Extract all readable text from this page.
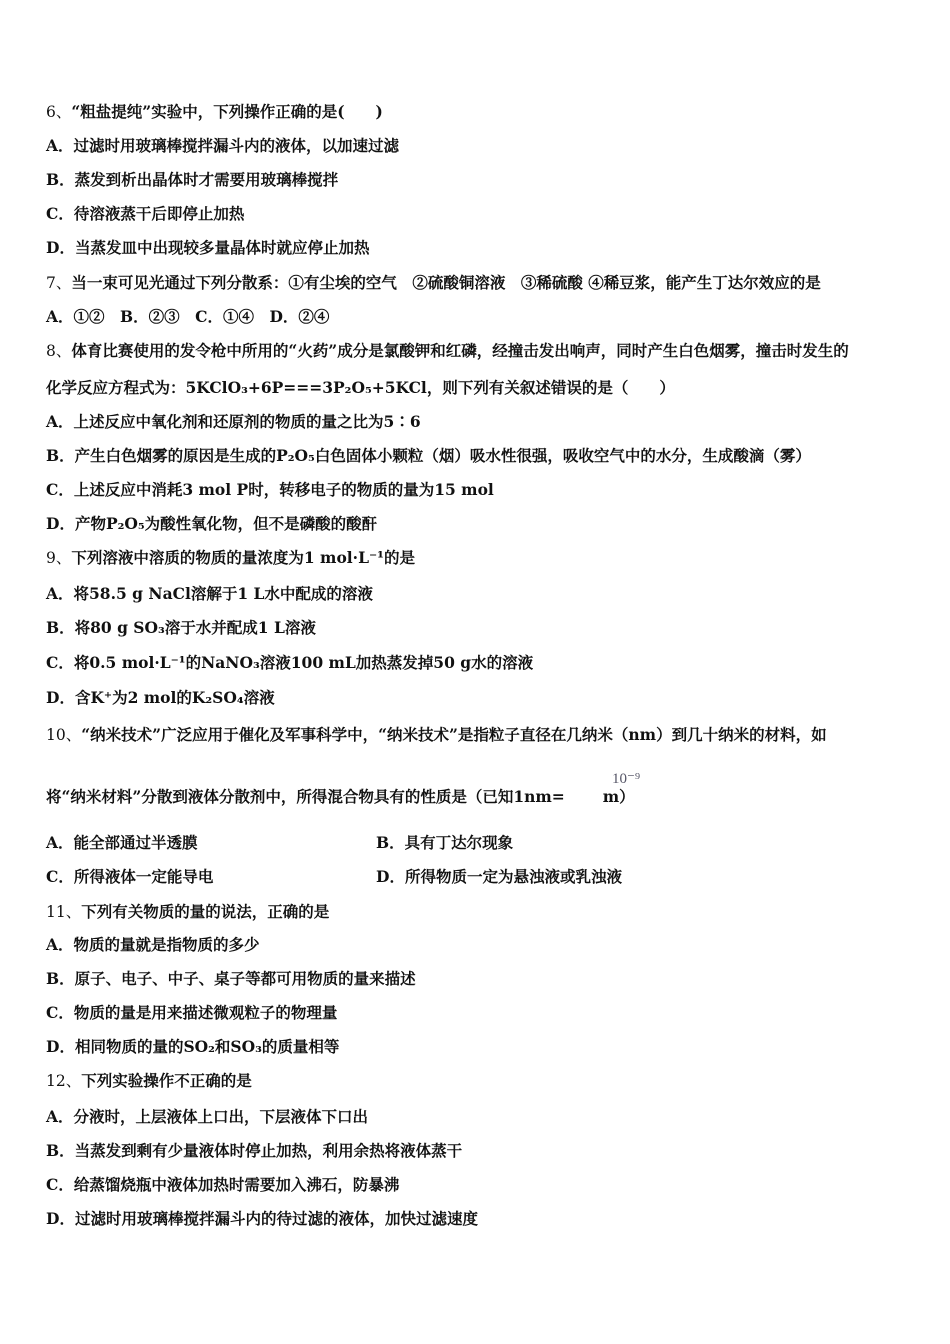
6、“粗盐提纯”实验中，下列操作正确的是(　　)
A．过滤时用玻璃棒搅拌漏斗内的液体，以加速过滤
B．蒸发到析出晶体时才需要用玻璃棒搅拌
C．待溶液蒸干后即停止加热
D．当蒸发皿中出现较多量晶体时就应停止加热
7、当一束可见光通过下列分散系：①有尘埃的空气　②硫酸铜溶液　③稀硫酸 ④稀豆浆，能产生丁达尔效应的是
A．①②　B．②③　C．①④　D．②④
8、体育比赛使用的发令枪中所用的“火药”成分是氯酸钾和红磷，经撞击发出响声，同时产生白色烟雾，撞击时发生的
化学反应方程式为：5KClO₃+6P===3P₂O₅+5KCl，则下列有关叙述错误的是（　　）
A．上述反应中氧化剂和还原剂的物质的量之比为5∶6
B．产生白色烟雾的原因是生成的P₂O₅白色固体小颗粒（烟）吸水性很强，吸收空气中的水分，生成酸滴（雾）
C．上述反应中消耗3 mol P时，转移电子的物质的量为15 mol
D．产物P₂O₅为酸性氧化物，但不是磷酸的酸酐
9、下列溶液中溶质的物质的量浓度为1 mol·L⁻¹的是
A．将58.5 g NaCl溶解于1 L水中配成的溶液
B．将80 g SO₃溶于水并配成1 L溶液
C．将0.5 mol·L⁻¹的NaNO₃溶液100 mL加热蒸发掉50 g水的溶液
D．含K⁺为2 mol的K₂SO₄溶液
10、“纳米技术”广泛应用于催化及军事科学中，“纳米技术”是指粒子直径在几纳米（nm）到几十纳米的材料，如
将“纳米材料”分散到液体分散剂中，所得混合物具有的性质是（已知1nm= m）
10⁻⁹
A．能全部通过半透膜	B．具有丁达尔现象
C．所得液体一定能导电	D．所得物质一定为悬浊液或乳浊液
11、下列有关物质的量的说法，正确的是
A．物质的量就是指物质的多少
B．原子、电子、中子、桌子等都可用物质的量来描述
C．物质的量是用来描述微观粒子的物理量
D．相同物质的量的SO₂和SO₃的质量相等
12、下列实验操作不正确的是
A．分液时，上层液体上口出，下层液体下口出
B．当蒸发到剩有少量液体时停止加热，利用余热将液体蒸干
C．给蒸馏烧瓶中液体加热时需要加入沸石，防暴沸
D．过滤时用玻璃棒搅拌漏斗内的待过滤的液体，加快过滤速度
